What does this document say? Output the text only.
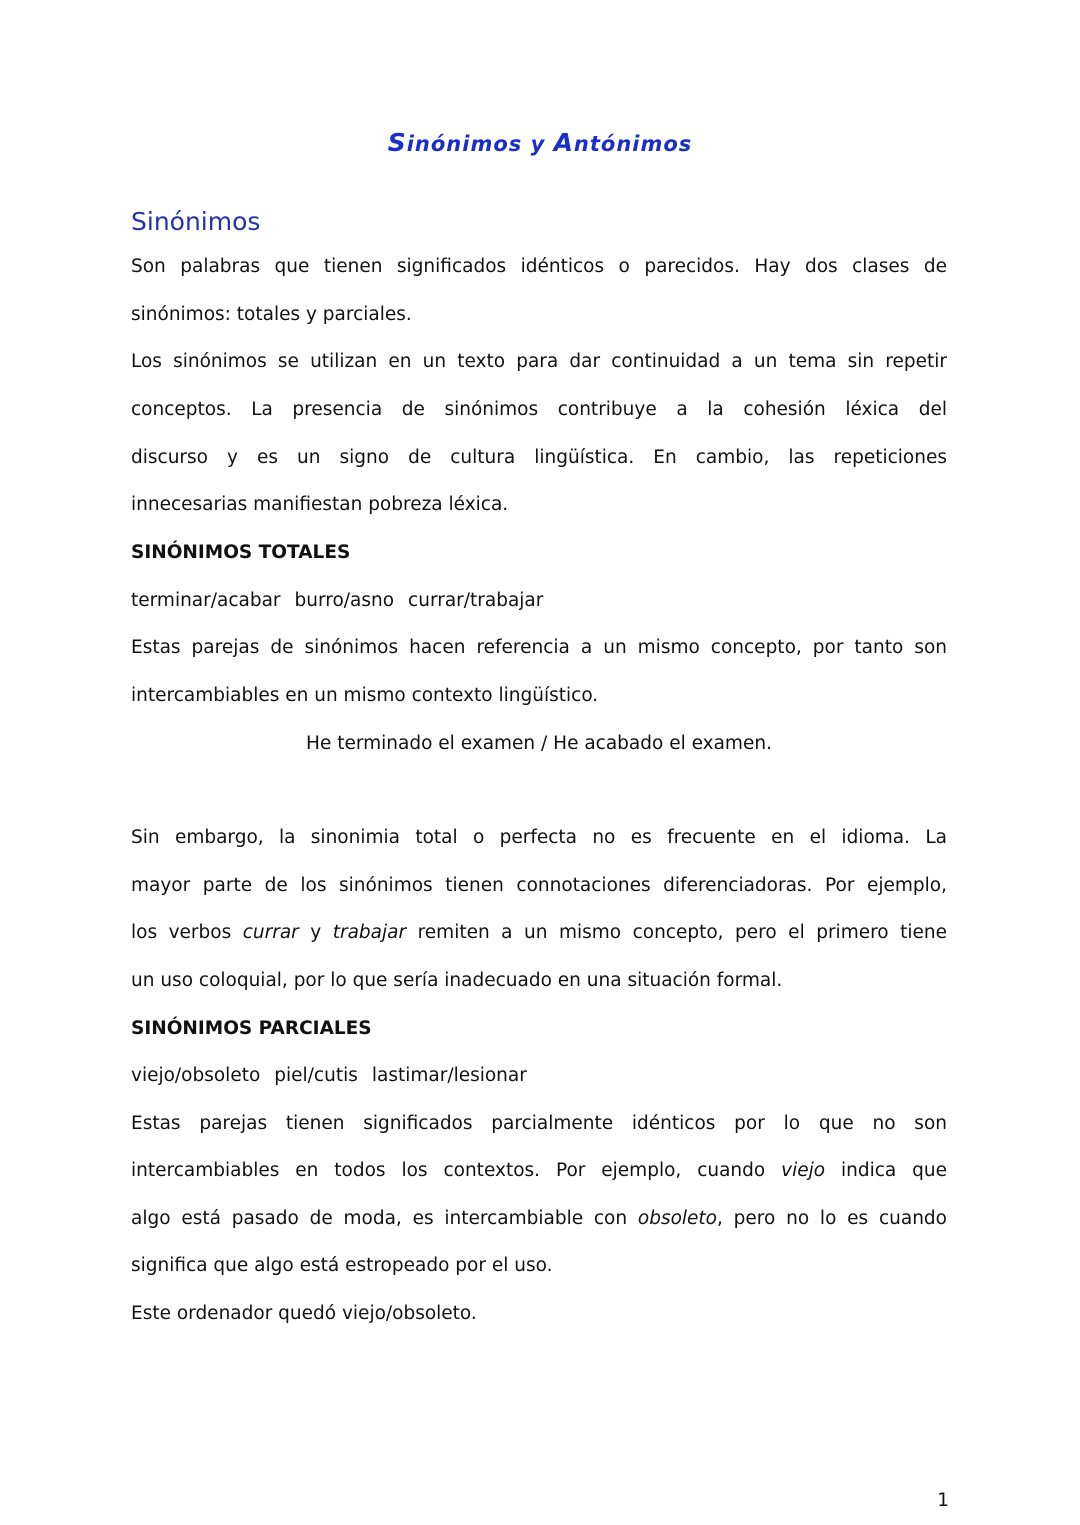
Sinónimos y Antónimos
Sinónimos

Son palabras que tienen significados idénticos o parecidos. Hay dos clases de

sinónimos: totales y parciales.

Los sinónimos se utilizan en un texto para dar continuidad a un tema sin repetir

conceptos. La presencia de sinónimos contribuye a la cohesión léxica del

discurso y es un signo de cultura lingüística. En cambio, las repeticiones

innecesarias manifiestan pobreza léxica.

SINÓNIMOS TOTALES

terminar/acabar burro/asno currar/trabajar

Estas parejas de sinónimos hacen referencia a un mismo concepto, por tanto son

intercambiables en un mismo contexto lingüístico.

He terminado el examen / He acabado el examen.

Sin embargo, la sinonimia total o perfecta no es frecuente en el idioma. La

mayor parte de los sinónimos tienen connotaciones diferenciadoras. Por ejemplo,

los verbos currar y trabajar remiten a un mismo concepto, pero el primero tiene

un uso coloquial, por lo que sería inadecuado en una situación formal.

SINÓNIMOS PARCIALES

viejo/obsoleto piel/cutis lastimar/lesionar

Estas parejas tienen significados parcialmente idénticos por lo que no son

intercambiables en todos los contextos. Por ejemplo, cuando viejo indica que

algo está pasado de moda, es intercambiable con obsoleto, pero no lo es cuando

significa que algo está estropeado por el uso.

Este ordenador quedó viejo/obsoleto.

1
